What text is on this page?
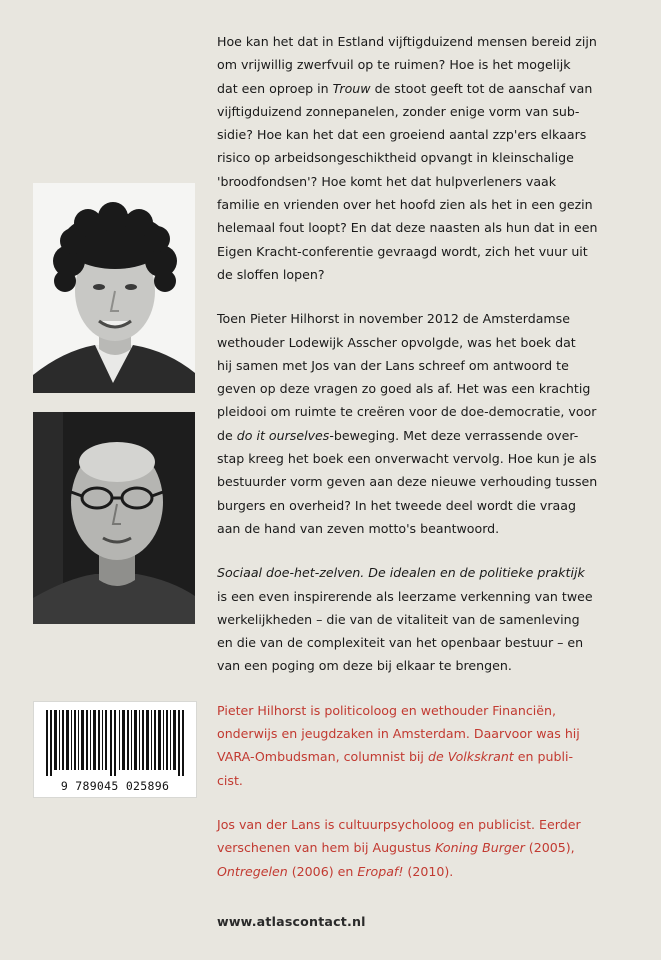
9 789045 025896

Hoe kan het dat in Estland vijftigduizend mensen bereid zijn
om vrijwillig zwerfvuil op te ruimen? Hoe is het mogelijk
dat een oproep in Trouw de stoot geeft tot de aanschaf van
vijftigduizend zonnepanelen, zonder enige vorm van sub-
sidie? Hoe kan het dat een groeiend aantal zzp'ers elkaars
risico op arbeidsongeschiktheid opvangt in kleinschalige
'broodfondsen'? Hoe komt het dat hulpverleners vaak
familie en vrienden over het hoofd zien als het in een gezin
helemaal fout loopt? En dat deze naasten als hun dat in een
Eigen Kracht-conferentie gevraagd wordt, zich het vuur uit
de sloffen lopen?

Toen Pieter Hilhorst in november 2012 de Amsterdamse
wethouder Lodewijk Asscher opvolgde, was het boek dat
hij samen met Jos van der Lans schreef om antwoord te
geven op deze vragen zo goed als af. Het was een krachtig
pleidooi om ruimte te creëren voor de doe-democratie, voor
de do it ourselves-beweging. Met deze verrassende over-
stap kreeg het boek een onverwacht vervolg. Hoe kun je als
bestuurder vorm geven aan deze nieuwe verhouding tussen
burgers en overheid? In het tweede deel wordt die vraag
aan de hand van zeven motto's beantwoord.

Sociaal doe-het-zelven. De idealen en de politieke praktijk
is een even inspirerende als leerzame verkenning van twee
werkelijkheden – die van de vitaliteit van de samenleving
en die van de complexiteit van het openbaar bestuur – en
van een poging om deze bij elkaar te brengen.

Pieter Hilhorst is politicoloog en wethouder Financiën,
onderwijs en jeugdzaken in Amsterdam. Daarvoor was hij
VARA-Ombudsman, columnist bij de Volkskrant en publi-
cist.

Jos van der Lans is cultuurpsycholoog en publicist. Eerder
verschenen van hem bij Augustus Koning Burger (2005),
Ontregelen (2006) en Eropaf! (2010).

www.atlascontact.nl
